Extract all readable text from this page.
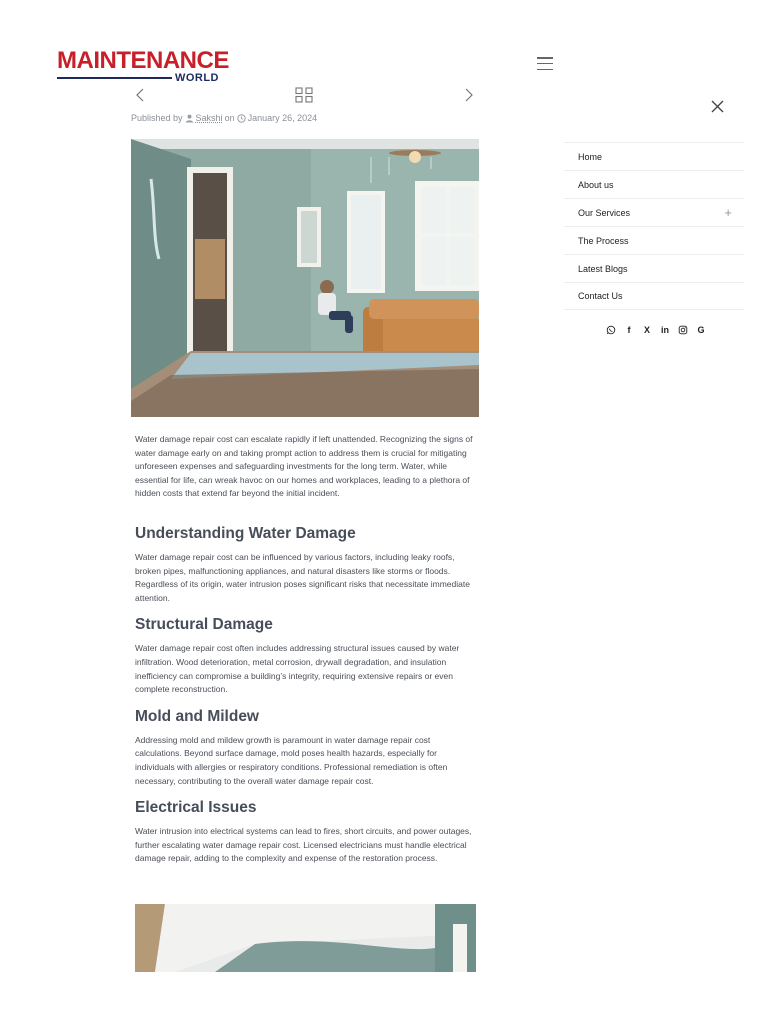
MAINTENANCE
WORLD
Published by Sakshi on January 26, 2024
Home
About us
Our Services	+
The Process
Latest Blogs
Contact Us
f	X in	G

Water damage repair cost can escalate rapidly if left unattended. Recognizing the signs of water damage early on and taking prompt action to address them is crucial for mitigating unforeseen expenses and safeguarding investments for the long term. Water, while essential for life, can wreak havoc on our homes and workplaces, leading to a plethora of hidden costs that extend far beyond the initial incident.

Understanding Water Damage

Water damage repair cost can be influenced by various factors, including leaky roofs, broken pipes, malfunctioning appliances, and natural disasters like storms or floods. Regardless of its origin, water intrusion poses significant risks that necessitate immediate attention.

Structural Damage

Water damage repair cost often includes addressing structural issues caused by water infiltration. Wood deterioration, metal corrosion, drywall degradation, and insulation inefficiency can compromise a building’s integrity, requiring extensive repairs or even complete reconstruction.

Mold and Mildew

Addressing mold and mildew growth is paramount in water damage repair cost calculations. Beyond surface damage, mold poses health hazards, especially for individuals with allergies or respiratory conditions. Professional remediation is often necessary, contributing to the overall water damage repair cost.

Electrical Issues

Water intrusion into electrical systems can lead to fires, short circuits, and power outages, further escalating water damage repair cost. Licensed electricians must handle electrical damage repair, adding to the complexity and expense of the restoration process.
